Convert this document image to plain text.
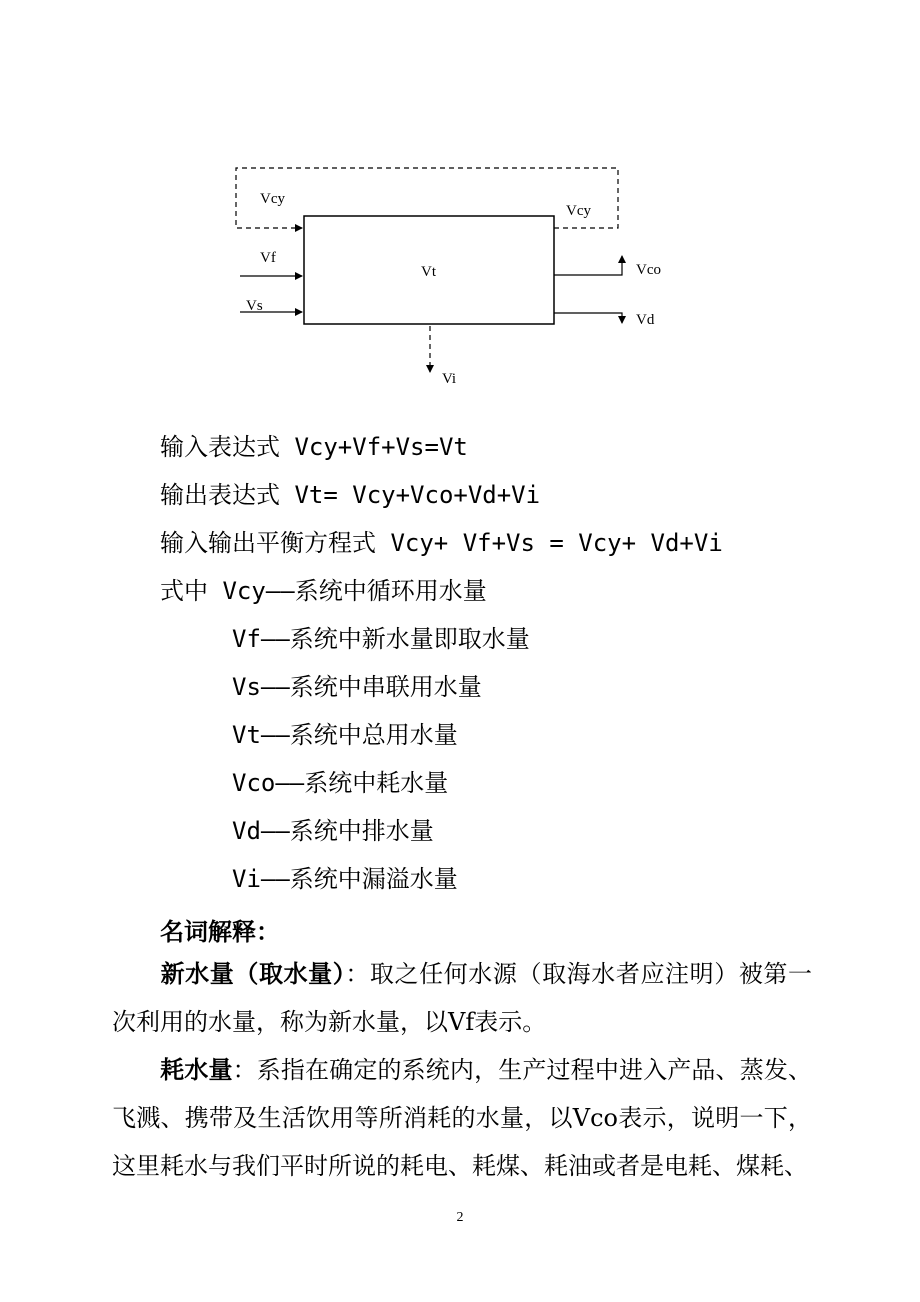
Vt
Vcy
Vcy
Vf
Vs
Vco
Vd
Vi
输入表达式 Vcy+Vf+Vs=Vt
输出表达式 Vt= Vcy+Vco+Vd+Vi
输入输出平衡方程式 Vcy+ Vf+Vs = Vcy+ Vd+Vi
式中 Vcy——系统中循环用水量
Vf——系统中新水量即取水量
Vs——系统中串联用水量
Vt——系统中总用水量
Vco——系统中耗水量
Vd——系统中排水量
Vi——系统中漏溢水量
名词解释：
新水量（取水量）：取之任何水源（取海水者应注明）被第一次利用的水量，称为新水量，以Vf表示。
耗水量：系指在确定的系统内，生产过程中进入产品、蒸发、飞溅、携带及生活饮用等所消耗的水量，以Vco表示，说明一下，这里耗水与我们平时所说的耗电、耗煤、耗油或者是电耗、煤耗、
2
